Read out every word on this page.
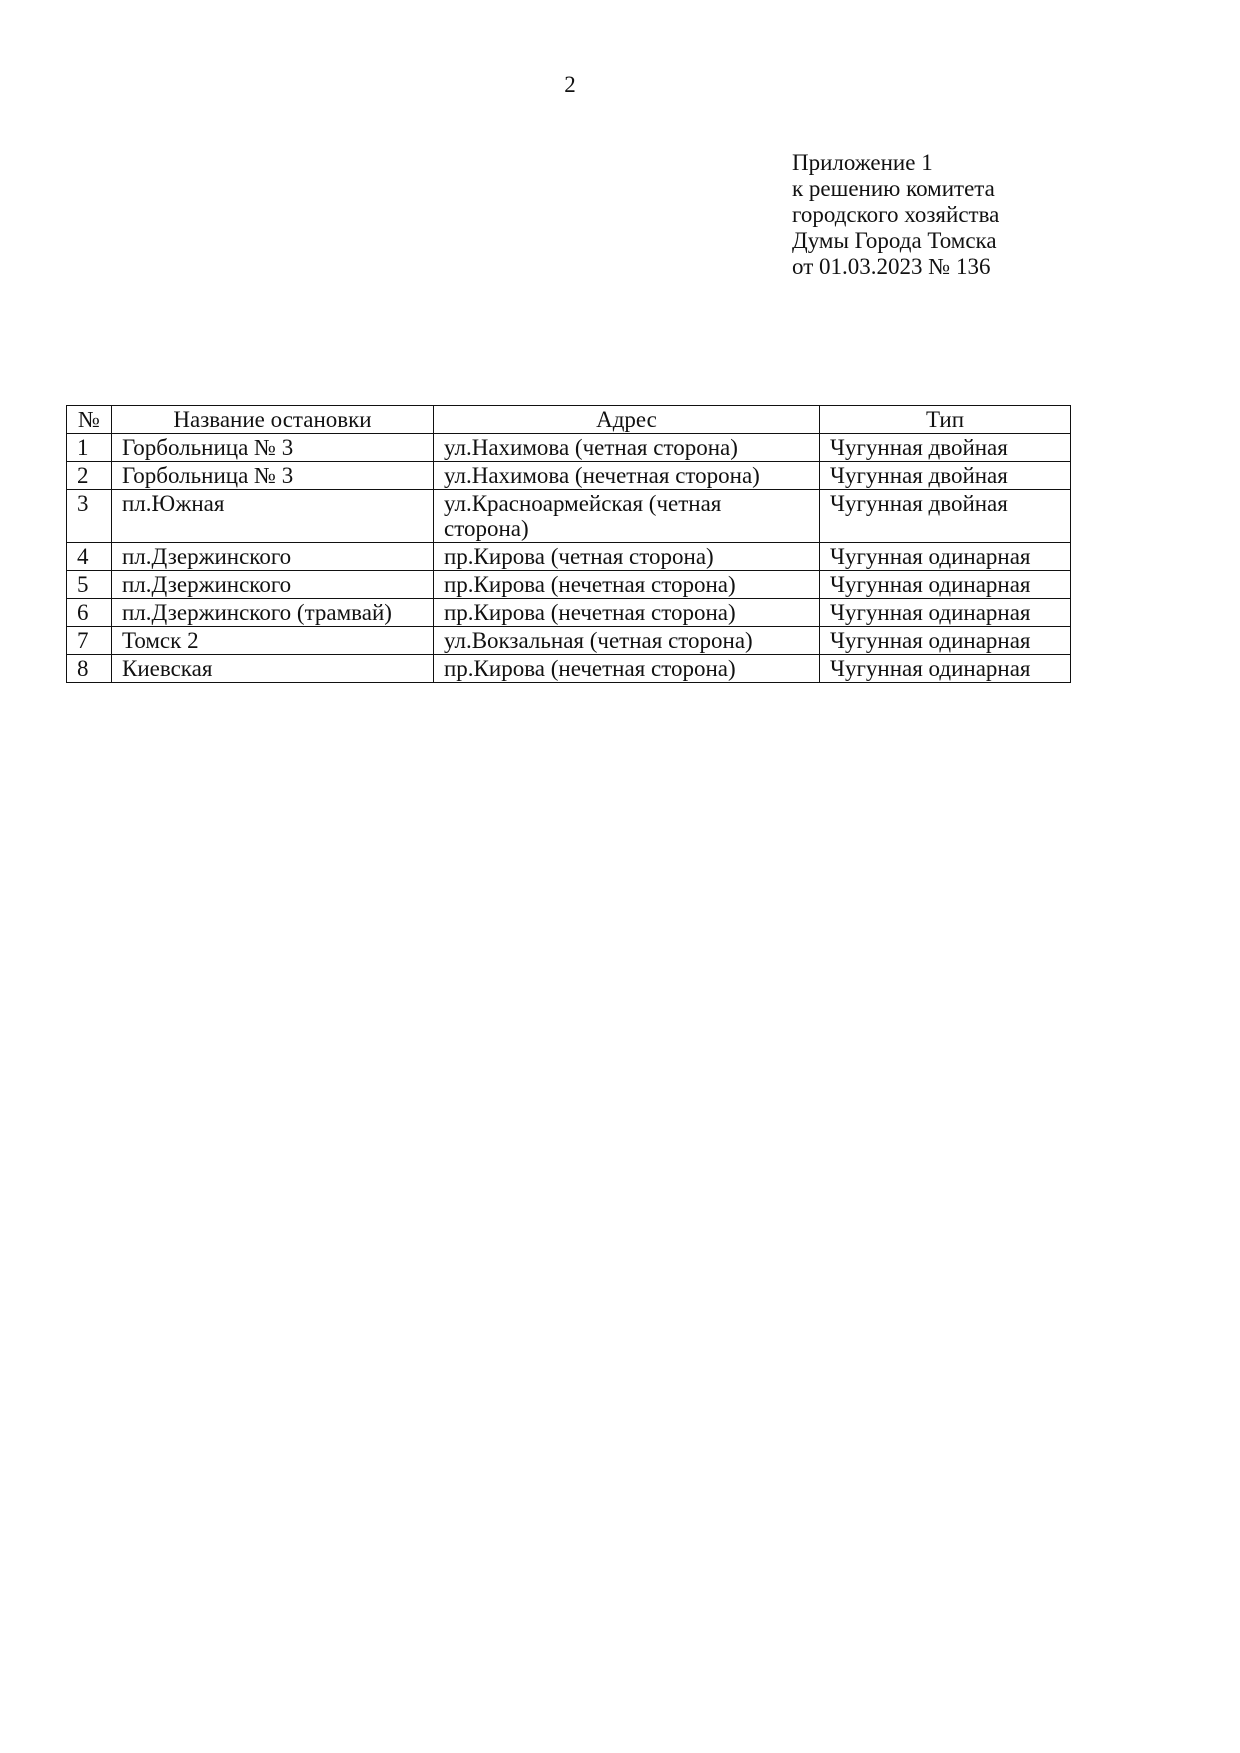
2
Приложение 1
к решению комитета
городского хозяйства
Думы Города Томска
от 01.03.2023 № 136
№	Название остановки	Адрес	Тип
1	Горбольница № 3	ул.Нахимова (четная сторона)	Чугунная двойная
2	Горбольница № 3	ул.Нахимова (нечетная сторона)	Чугунная двойная
3	пл.Южная	ул.Красноармейская (четная сторона)	Чугунная двойная
4	пл.Дзержинского	пр.Кирова (четная сторона)	Чугунная одинарная
5	пл.Дзержинского	пр.Кирова (нечетная сторона)	Чугунная одинарная
6	пл.Дзержинского (трамвай)	пр.Кирова (нечетная сторона)	Чугунная одинарная
7	Томск 2	ул.Вокзальная (четная сторона)	Чугунная одинарная
8	Киевская	пр.Кирова (нечетная сторона)	Чугунная одинарная
